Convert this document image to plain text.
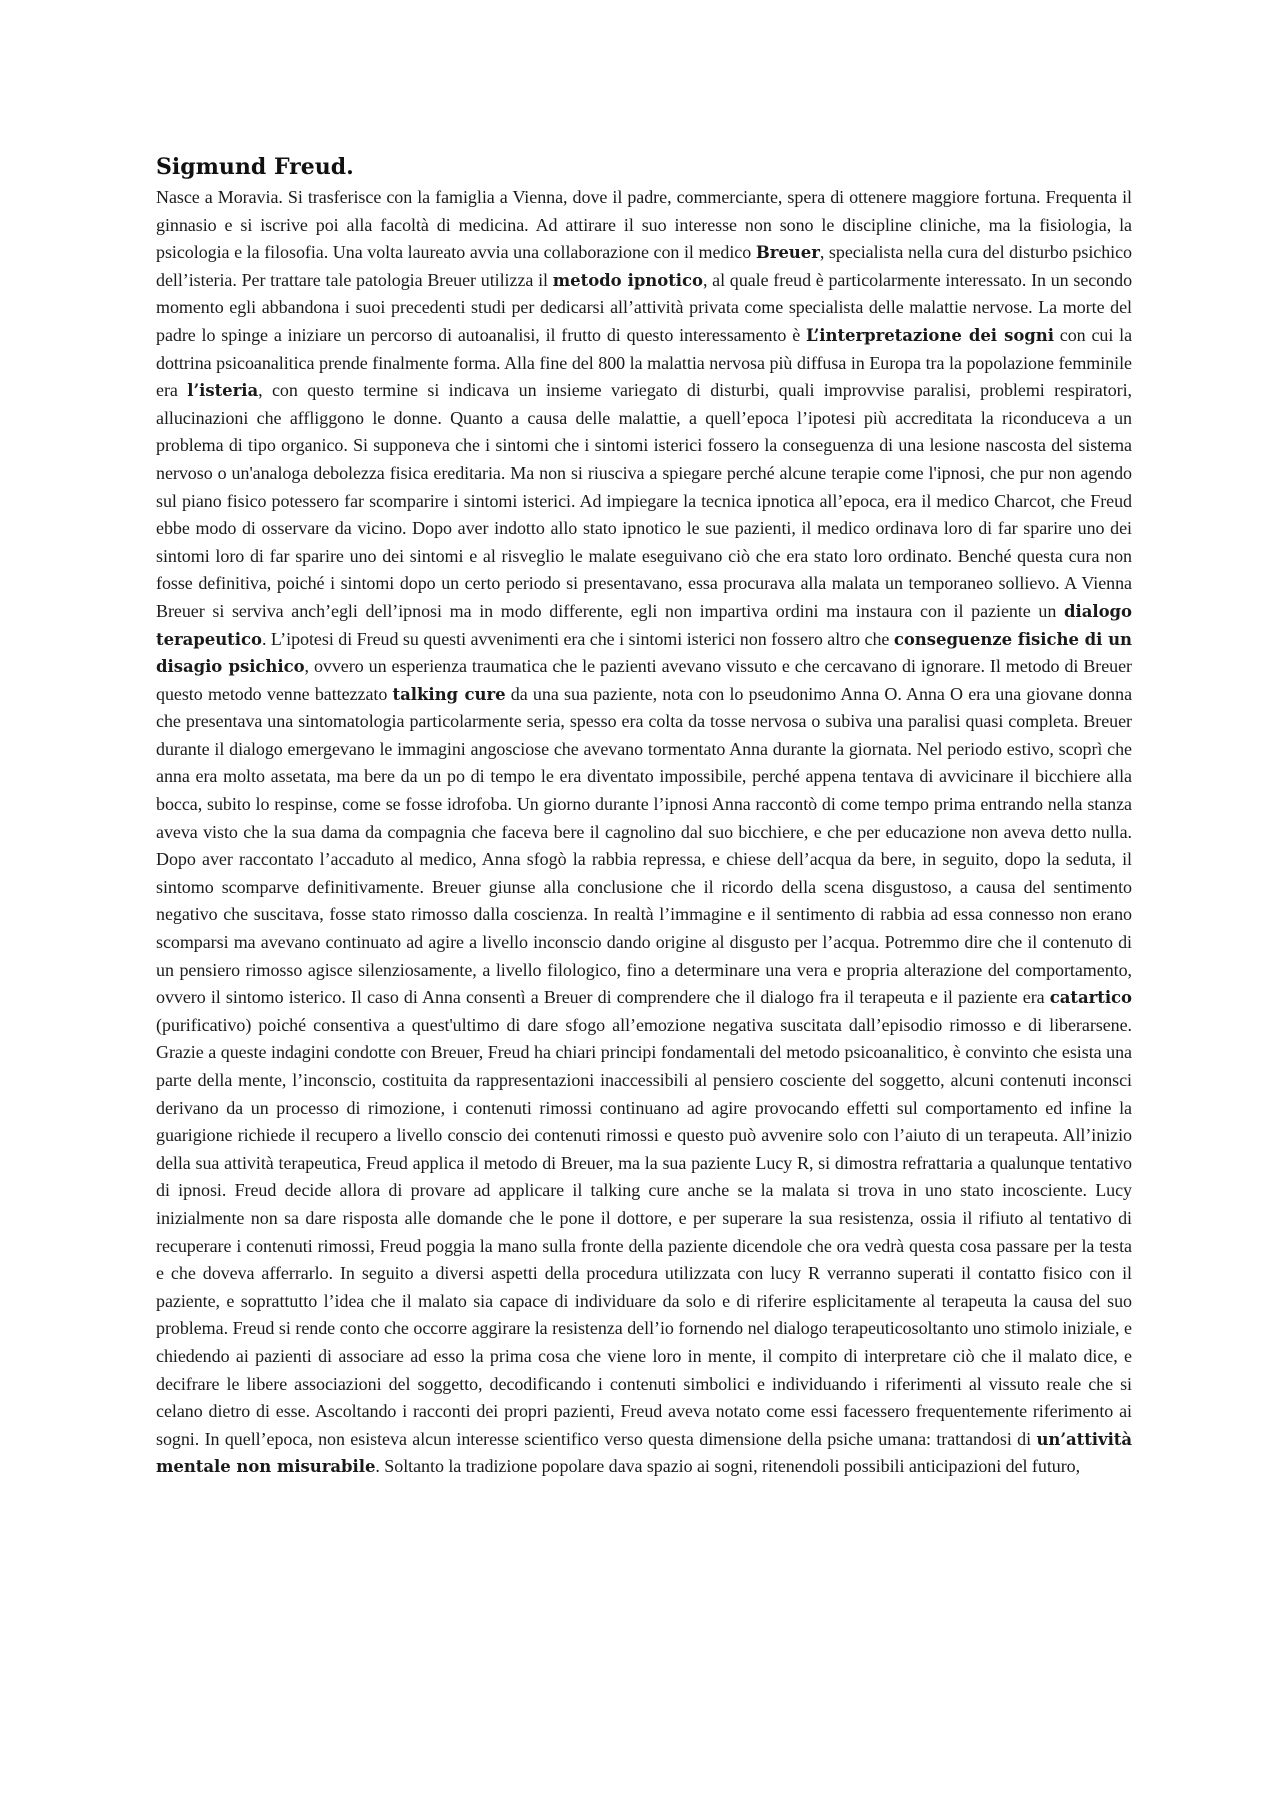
Sigmund Freud.

Nasce a Moravia. Si trasferisce con la famiglia a Vienna, dove il padre, commerciante, spera di ottenere maggiore fortuna. Frequenta il ginnasio e si iscrive poi alla facoltà di medicina. Ad attirare il suo interesse non sono le discipline cliniche, ma la fisiologia, la psicologia e la filosofia. Una volta laureato avvia una collaborazione con il medico Breuer, specialista nella cura del disturbo psichico dell’isteria. Per trattare tale patologia Breuer utilizza il metodo ipnotico, al quale freud è particolarmente interessato. In un secondo momento egli abbandona i suoi precedenti studi per dedicarsi all’attività privata come specialista delle malattie nervose. La morte del padre lo spinge a iniziare un percorso di autoanalisi, il frutto di questo interessamento è L’interpretazione dei sogni con cui la dottrina psicoanalitica prende finalmente forma. Alla fine del 800 la malattia nervosa più diffusa in Europa tra la popolazione femminile era l’isteria, con questo termine si indicava un insieme variegato di disturbi, quali improvvise paralisi, problemi respiratori, allucinazioni che affliggono le donne. Quanto a causa delle malattie, a quell’epoca l’ipotesi più accreditata la riconduceva a un problema di tipo organico. Si supponeva che i sintomi che i sintomi isterici fossero la conseguenza di una lesione nascosta del sistema nervoso o un'analoga debolezza fisica ereditaria. Ma non si riusciva a spiegare perché alcune terapie come l'ipnosi, che pur non agendo sul piano fisico potessero far scomparire i sintomi isterici. Ad impiegare la tecnica ipnotica all’epoca, era il medico Charcot, che Freud ebbe modo di osservare da vicino. Dopo aver indotto allo stato ipnotico le sue pazienti, il medico ordinava loro di far sparire uno dei sintomi loro di far sparire uno dei sintomi e al risveglio le malate eseguivano ciò che era stato loro ordinato. Benché questa cura non fosse definitiva, poiché i sintomi dopo un certo periodo si presentavano, essa procurava alla malata un temporaneo sollievo. A Vienna Breuer si serviva anch’egli dell’ipnosi ma in modo differente, egli non impartiva ordini ma instaura con il paziente un dialogo terapeutico. L’ipotesi di Freud su questi avvenimenti era che i sintomi isterici non fossero altro che conseguenze fisiche di un disagio psichico, ovvero un esperienza traumatica che le pazienti avevano vissuto e che cercavano di ignorare. Il metodo di Breuer questo metodo venne battezzato talking cure da una sua paziente, nota con lo pseudonimo Anna O. Anna O era una giovane donna che presentava una sintomatologia particolarmente seria, spesso era colta da tosse nervosa o subiva una paralisi quasi completa. Breuer durante il dialogo emergevano le immagini angosciose che avevano tormentato Anna durante la giornata. Nel periodo estivo, scoprì che anna era molto assetata, ma bere da un po di tempo le era diventato impossibile, perché appena tentava di avvicinare il bicchiere alla bocca, subito lo respinse, come se fosse idrofoba. Un giorno durante l’ipnosi Anna raccontò di come tempo prima entrando nella stanza aveva visto che la sua dama da compagnia che faceva bere il cagnolino dal suo bicchiere, e che per educazione non aveva detto nulla. Dopo aver raccontato l’accaduto al medico, Anna sfogò la rabbia repressa, e chiese dell’acqua da bere, in seguito, dopo la seduta, il sintomo scomparve definitivamente. Breuer giunse alla conclusione che il ricordo della scena disgustoso, a causa del sentimento negativo che suscitava, fosse stato rimosso dalla coscienza. In realtà l’immagine e il sentimento di rabbia ad essa connesso non erano scomparsi ma avevano continuato ad agire a livello inconscio dando origine al disgusto per l’acqua. Potremmo dire che il contenuto di un pensiero rimosso agisce silenziosamente, a livello filologico, fino a determinare una vera e propria alterazione del comportamento, ovvero il sintomo isterico. Il caso di Anna consentì a Breuer di comprendere che il dialogo fra il terapeuta e il paziente era catartico (purificativo) poiché consentiva a quest'ultimo di dare sfogo all’emozione negativa suscitata dall’episodio rimosso e di liberarsene. Grazie a queste indagini condotte con Breuer, Freud ha chiari principi fondamentali del metodo psicoanalitico, è convinto che esista una parte della mente, l’inconscio, costituita da rappresentazioni inaccessibili al pensiero cosciente del soggetto, alcuni contenuti inconsci derivano da un processo di rimozione, i contenuti rimossi continuano ad agire provocando effetti sul comportamento ed infine la guarigione richiede il recupero a livello conscio dei contenuti rimossi e questo può avvenire solo con l’aiuto di un terapeuta. All’inizio della sua attività terapeutica, Freud applica il metodo di Breuer, ma la sua paziente Lucy R, si dimostra refrattaria a qualunque tentativo di ipnosi. Freud decide allora di provare ad applicare il talking cure anche se la malata si trova in uno stato incosciente. Lucy inizialmente non sa dare risposta alle domande che le pone il dottore, e per superare la sua resistenza, ossia il rifiuto al tentativo di recuperare i contenuti rimossi, Freud poggia la mano sulla fronte della paziente dicendole che ora vedrà questa cosa passare per la testa e che doveva afferrarlo. In seguito a diversi aspetti della procedura utilizzata con lucy R verranno superati il contatto fisico con il paziente, e soprattutto l’idea che il malato sia capace di individuare da solo e di riferire esplicitamente al terapeuta la causa del suo problema. Freud si rende conto che occorre aggirare la resistenza dell’io fornendo nel dialogo terapeuticosoltanto uno stimolo iniziale, e chiedendo ai pazienti di associare ad esso la prima cosa che viene loro in mente, il compito di interpretare ciò che il malato dice, e decifrare le libere associazioni del soggetto, decodificando i contenuti simbolici e individuando i riferimenti al vissuto reale che si celano dietro di esse. Ascoltando i racconti dei propri pazienti, Freud aveva notato come essi facessero frequentemente riferimento ai sogni. In quell’epoca, non esisteva alcun interesse scientifico verso questa dimensione della psiche umana: trattandosi di un’attività mentale non misurabile. Soltanto la tradizione popolare dava spazio ai sogni, ritenendoli possibili anticipazioni del futuro,
